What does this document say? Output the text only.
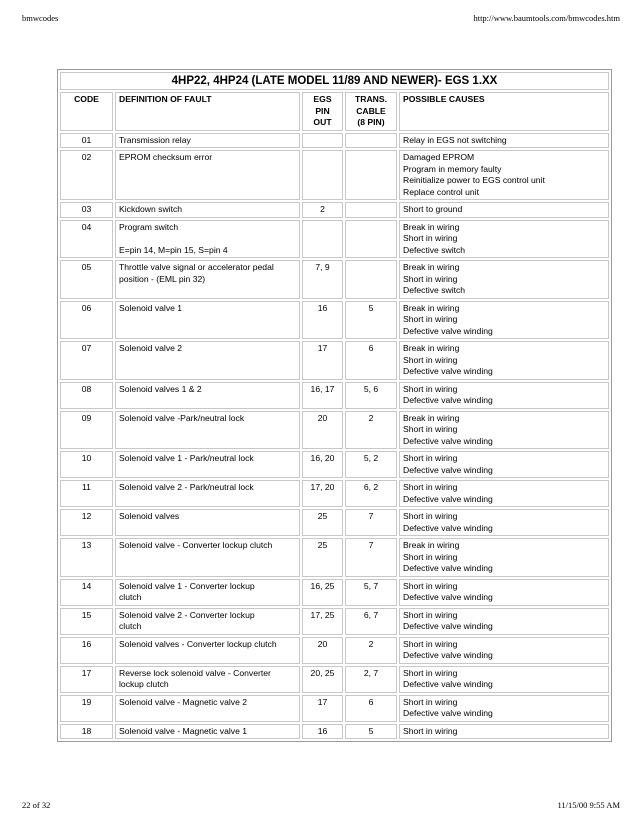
bmwcodes	http://www.baumtools.com/bmwcodes.htm
4HP22, 4HP24 (LATE MODEL 11/89 AND NEWER)- EGS 1.XX				
CODE	DEFINITION OF FAULT	EGS
PIN
OUT	TRANS.
CABLE
(8 PIN)	POSSIBLE CAUSES
01	Transmission relay			Relay in EGS not switching

02	EPROM checksum error			Damaged EPROM
Program in memory faulty
Reinitialize power to EGS control unit
Replace control unit

03	Kickdown switch	2		Short to ground

04	Program switch
E=pin 14, M=pin 15, S=pin 4			Break in wiring
Short in wiring
Defective switch

05	Throttle valve signal or accelerator pedal
position - (EML pin 32)	7, 9		Break in wiring
Short in wiring
Defective switch

06	Solenoid valve 1	16	5	Break in wiring
Short in wiring
Defective valve winding

07	Solenoid valve 2	17	6	Break in wiring
Short in wiring
Defective valve winding

08	Solenoid valves 1 & 2	16, 17	5, 6	Short in wiring
Defective valve winding

09	Solenoid valve -Park/neutral lock	20	2	Break in wiring
Short in wiring
Defective valve winding

10	Solenoid valve 1 - Park/neutral lock	16, 20	5, 2	Short in wiring
Defective valve winding

11	Solenoid valve 2 - Park/neutral lock	17, 20	6, 2	Short in wiring
Defective valve winding

12	Solenoid valves	25	7	Short in wiring
Defective valve winding

13	Solenoid valve - Converter lockup clutch	25	7	Break in wiring
Short in wiring
Defective valve winding

14	Solenoid valve 1 - Converter lockup
clutch	16, 25	5, 7	Short in wiring
Defective valve winding

15	Solenoid valve 2 - Converter lockup
clutch	17, 25	6, 7	Short in wiring
Defective valve winding

16	Solenoid valves - Converter lockup clutch	20	2	Short in wiring
Defective valve winding

17	Reverse lock solenoid valve - Converter
lockup clutch	20, 25	2, 7	Short in wiring
Defective valve winding

19	Solenoid valve - Magnetic valve 2	17	6	Short in wiring
Defective valve winding

18	Solenoid valve - Magnetic valve 1	16	5	Short in wiring
22 of 32	11/15/00 9:55 AM
